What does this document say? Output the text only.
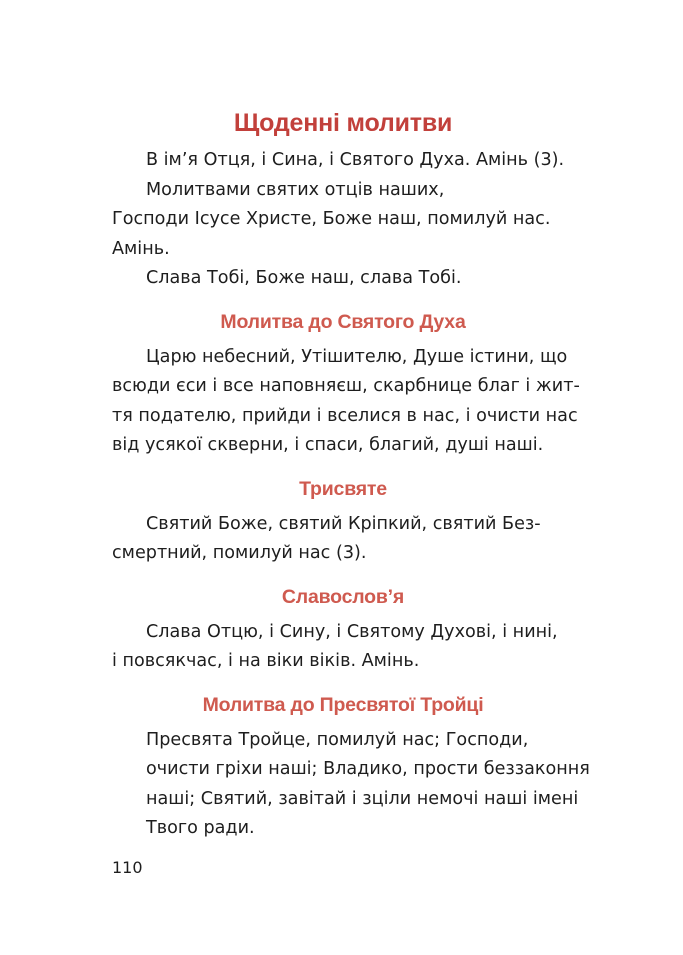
Щоденні молитви
В ім’я Отця, і Сина, і Святого Духа. Амінь (3).
Молитвами святих отців наших,
Господи Ісусе Христе, Боже наш, помилуй нас.
Амінь.
Слава Тобі, Боже наш, слава Тобі.
Молитва до Святого Духа
Царю небесний, Утішителю, Душе істини, що
всюди єси і все наповняєш, скарбнице благ і жит-
тя подателю, прийди і вселися в нас, і очисти нас
від усякої скверни, і спаси, благий, душі наші.
Трисвяте
Святий Боже, святий Кріпкий, святий Без-
смертний, помилуй нас (3).
Славослов’я
Слава Отцю, і Сину, і Святому Духові, і нині,
і повсякчас, і на віки віків. Амінь.
Молитва до Пресвятої Тройці
Пресвята Тройце, помилуй нас; Господи,
очисти гріхи наші; Владико, прости беззаконня
наші; Святий, завітай і зціли немочі наші імені
Твого ради.
110
